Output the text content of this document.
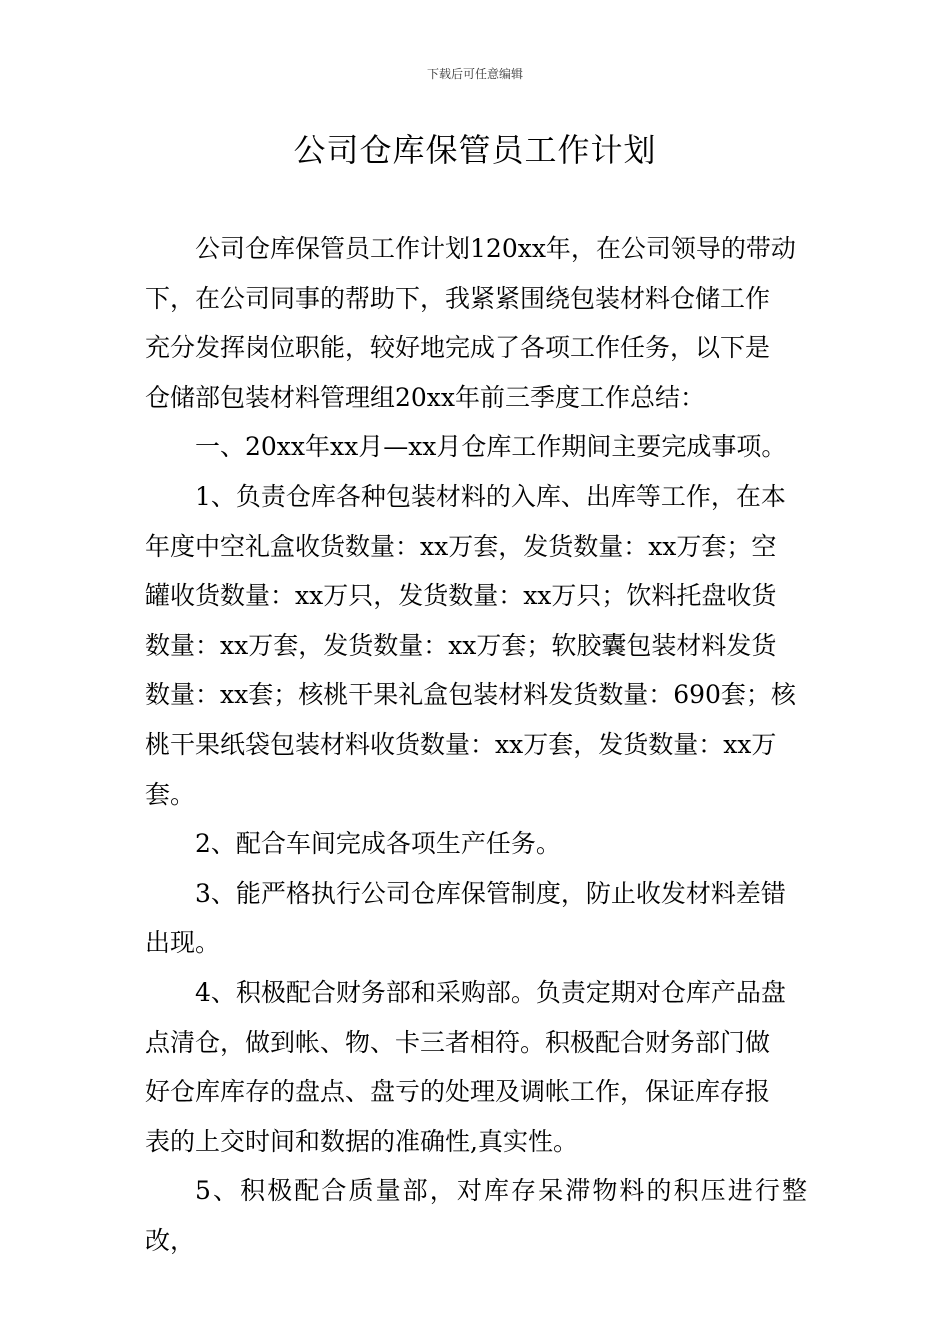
下载后可任意编辑
公司仓库保管员工作计划

公司仓库保管员工作计划120xx年，在公司领导的带动
下，在公司同事的帮助下，我紧紧围绕包装材料仓储工作
充分发挥岗位职能，较好地完成了各项工作任务，以下是
仓储部包装材料管理组20xx年前三季度工作总结：

一、20xx年xx月—xx月仓库工作期间主要完成事项。

1、负责仓库各种包装材料的入库、出库等工作，在本
年度中空礼盒收货数量：xx万套，发货数量：xx万套；空
罐收货数量：xx万只，发货数量：xx万只；饮料托盘收货
数量：xx万套，发货数量：xx万套；软胶囊包装材料发货
数量：xx套；核桃干果礼盒包装材料发货数量：690套；核
桃干果纸袋包装材料收货数量：xx万套，发货数量：xx万
套。

2、配合车间完成各项生产任务。

3、能严格执行公司仓库保管制度，防止收发材料差错
出现。

4、积极配合财务部和采购部。负责定期对仓库产品盘
点清仓，做到帐、物、卡三者相符。积极配合财务部门做
好仓库库存的盘点、盘亏的处理及调帐工作，保证库存报
表的上交时间和数据的准确性,真实性。

5、积极配合质量部，对库存呆滞物料的积压进行整改，
